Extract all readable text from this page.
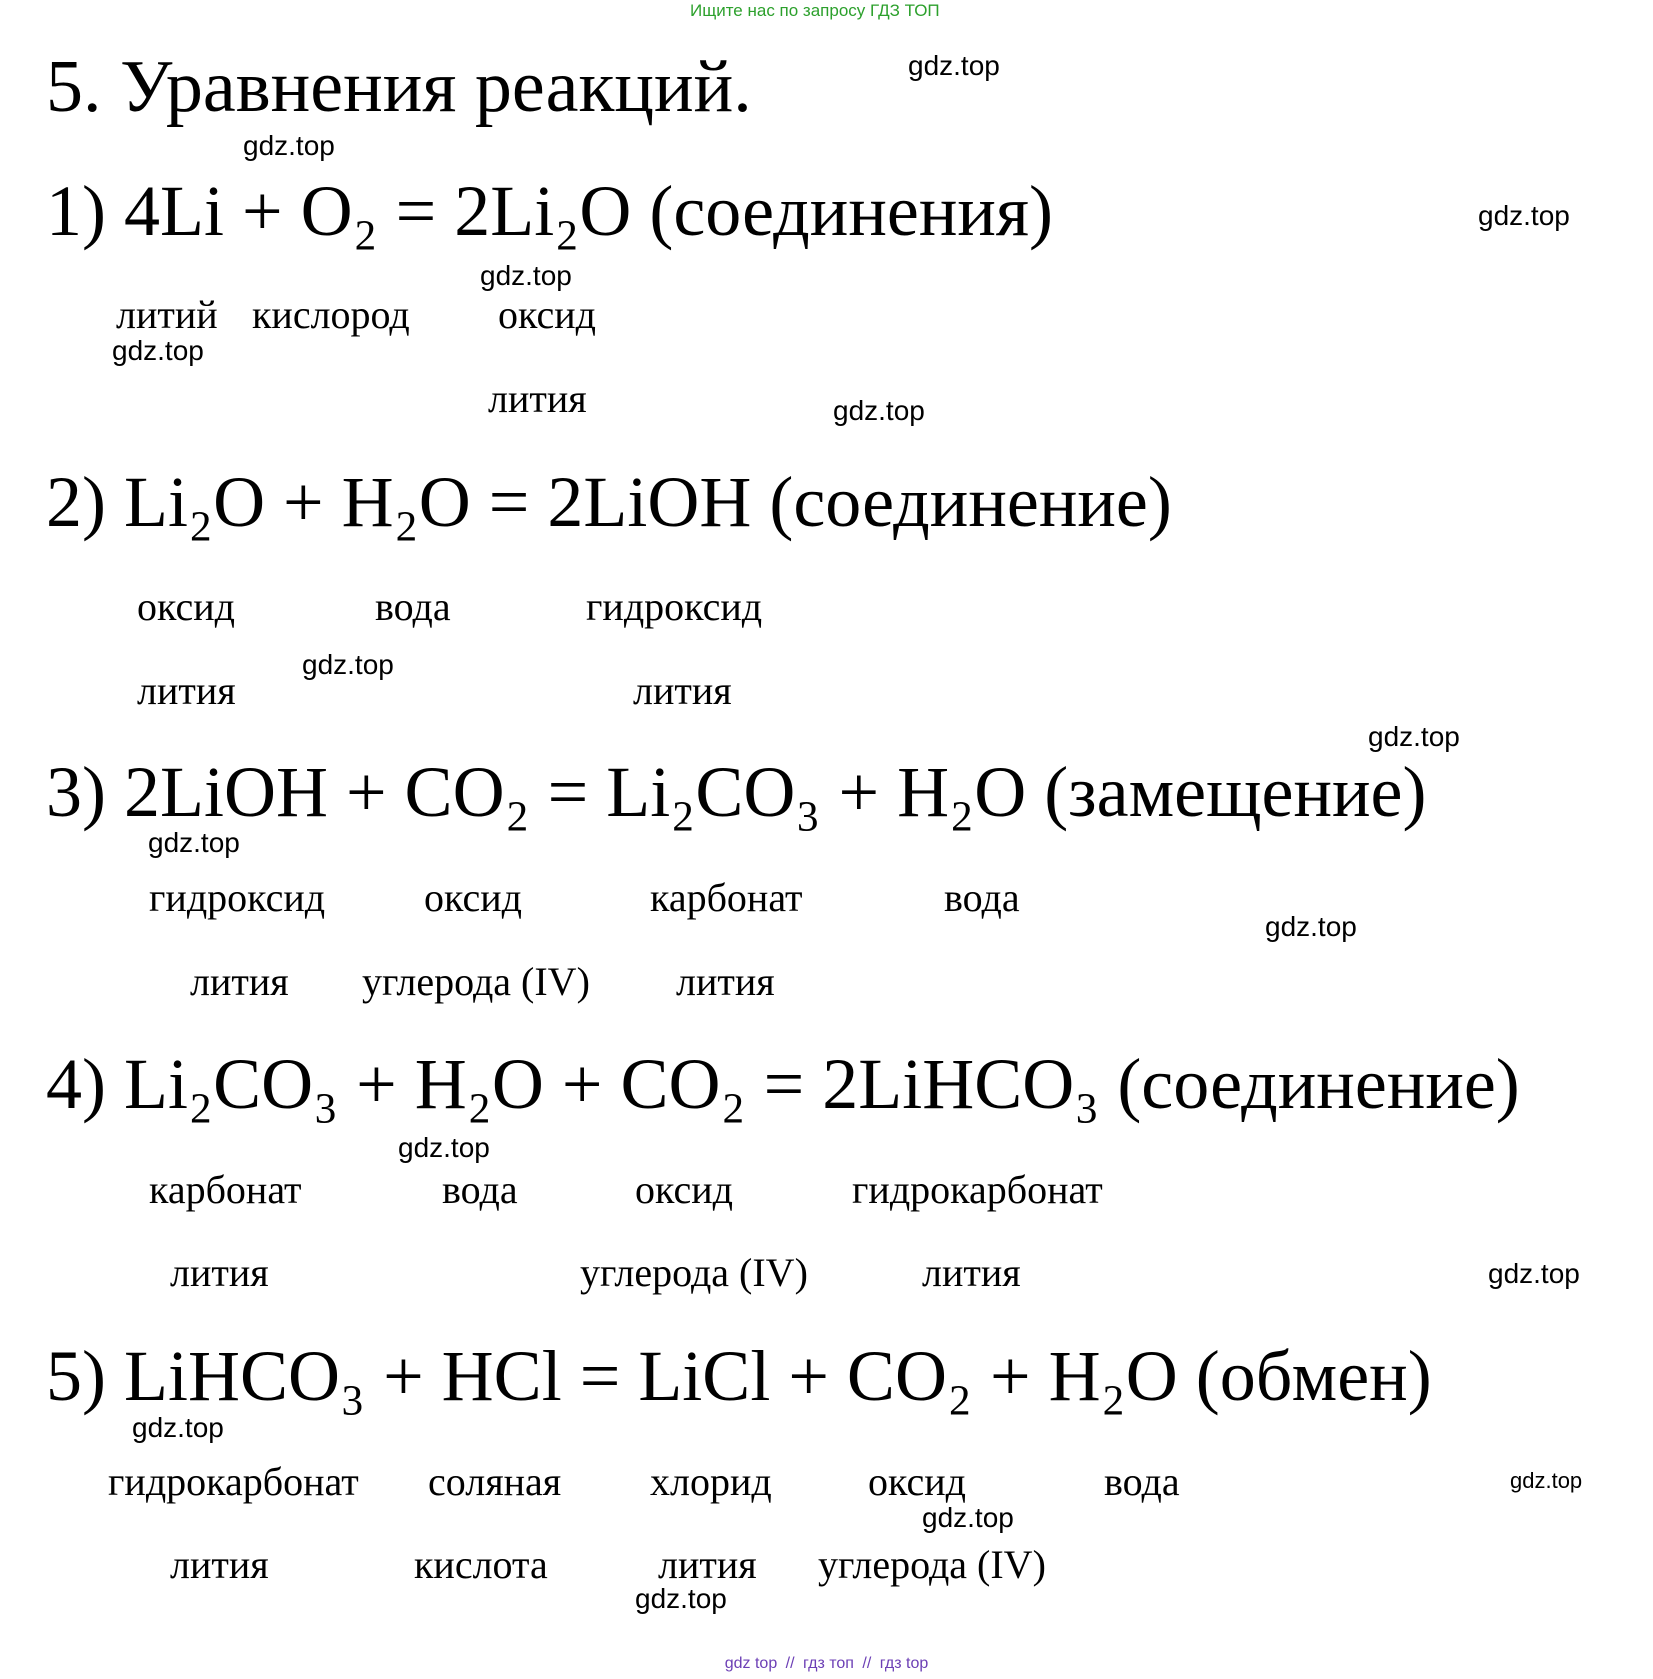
Ищите нас по запросу ГДЗ ТОП
5. Уравнения реакций.
1) 4Li + O₂ = 2Li₂O (соединения)
литий кислород оксид
лития
2) Li₂O + H₂O = 2LiOH (соединение)
оксид	вода	гидроксид
лития	лития
3) 2LiOH + CO₂ = Li₂CO₃ + H₂O (замещение)
гидроксид оксид	карбонат	вода
лития углерода (IV) лития
4) Li₂CO₃ + H₂O + CO₂ = 2LiHCO₃ (соединение)
карбонат	вода	оксид	гидрокарбонат
лития	углерода (IV)	лития
5) LiHCO₃ + HCl = LiCl + CO₂ + H₂O (обмен)
гидрокарбонат соляная хлорид оксид	вода
лития	кислота	лития углерода (IV)
gdz.top
gdz.top
gdz.top
gdz.top
gdz.top
gdz.top
gdz.top
gdz.top
gdz.top
gdz.top
gdz.top
gdz.top
gdz.top
gdz.top
gdz.top
gdz.top
gdz top // гдз топ // гдз top
